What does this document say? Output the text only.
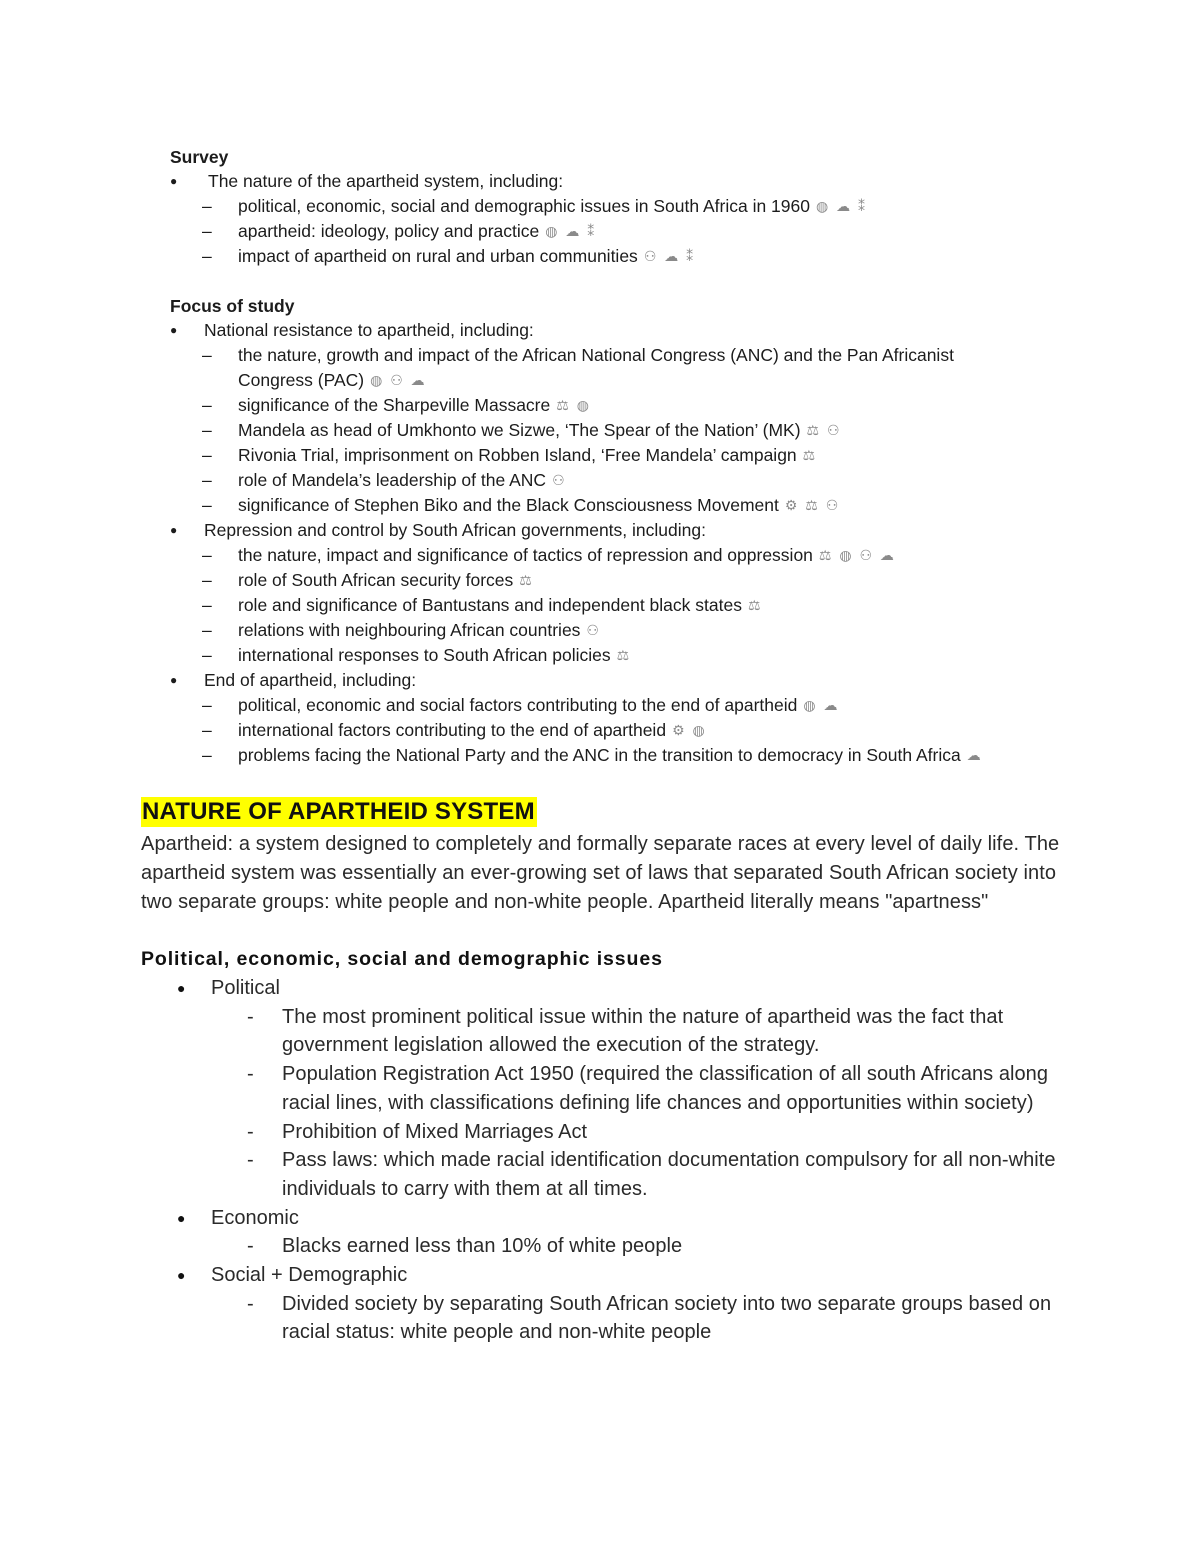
Survey
●	The nature of the apartheid system, including:
– political, economic, social and demographic issues in South Africa in 1960 ◍ ☁ ⁑
– apartheid: ideology, policy and practice ◍ ☁ ⁑
– impact of apartheid on rural and urban communities ⚇ ☁ ⁑
Focus of study
●	National resistance to apartheid, including:
– the nature, growth and impact of the African National Congress (ANC) and the Pan Africanist Congress (PAC) ◍ ⚇ ☁
– significance of the Sharpeville Massacre ⚖ ◍
– Mandela as head of Umkhonto we Sizwe, ‘The Spear of the Nation’ (MK) ⚖ ⚇
– Rivonia Trial, imprisonment on Robben Island, ‘Free Mandela’ campaign ⚖
– role of Mandela’s leadership of the ANC ⚇
– significance of Stephen Biko and the Black Consciousness Movement ⚙ ⚖ ⚇
●	Repression and control by South African governments, including:
– the nature, impact and significance of tactics of repression and oppression ⚖ ◍ ⚇ ☁
– role of South African security forces ⚖
– role and significance of Bantustans and independent black states ⚖
– relations with neighbouring African countries ⚇
– international responses to South African policies ⚖
●	End of apartheid, including:
– political, economic and social factors contributing to the end of apartheid ◍ ☁
– international factors contributing to the end of apartheid ⚙ ◍
– problems facing the National Party and the ANC in the transition to democracy in South Africa ☁
NATURE OF APARTHEID SYSTEM

Apartheid: a system designed to completely and formally separate races at every level of daily life. The apartheid system was essentially an ever-growing set of laws that separated South African society into two separate groups: white people and non-white people. Apartheid literally means "apartness"

Political, economic, social and demographic issues
● Political
- The most prominent political issue within the nature of apartheid was the fact that government legislation allowed the execution of the strategy.
- Population Registration Act 1950 (required the classification of all south Africans along racial lines, with classifications defining life chances and opportunities within society)
- Prohibition of Mixed Marriages Act
- Pass laws: which made racial identification documentation compulsory for all non-white individuals to carry with them at all times.
● Economic
- Blacks earned less than 10% of white people
● Social + Demographic
- Divided society by separating South African society into two separate groups based on racial status: white people and non-white people
